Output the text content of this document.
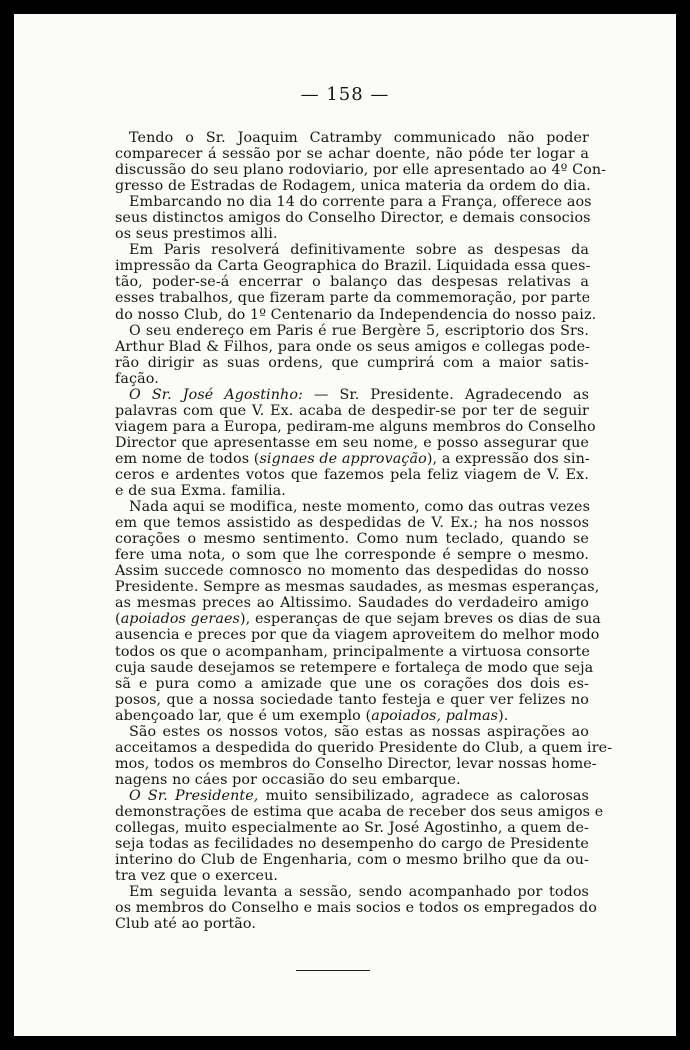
— 158 —
Tendo o Sr. Joaquim Catramby communicado não poder
comparecer á sessão por se achar doente, não póde ter logar a
discussão do seu plano rodoviario, por elle apresentado ao 4º Con-
gresso de Estradas de Rodagem, unica materia da ordem do dia.
Embarcando no dia 14 do corrente para a França, offerece aos
seus distinctos amigos do Conselho Director, e demais consocios
os seus prestimos alli.
Em Paris resolverá definitivamente sobre as despesas da
impressão da Carta Geographica do Brazil. Liquidada essa ques-
tão, poder-se-á encerrar o balanço das despesas relativas a
esses trabalhos, que fizeram parte da commemoração, por parte
do nosso Club, do 1º Centenario da Independencia do nosso paiz.
O seu endereço em Paris é rue Bergère 5, escriptorio dos Srs.
Arthur Blad & Filhos, para onde os seus amigos e collegas pode-
rão dirigir as suas ordens, que cumprirá com a maior satis-
fação.
O Sr. José Agostinho: — Sr. Presidente. Agradecendo as
palavras com que V. Ex. acaba de despedir-se por ter de seguir
viagem para a Europa, pediram-me alguns membros do Conselho
Director que apresentasse em seu nome, e posso assegurar que
em nome de todos (signaes de approvação), a expressão dos sin-
ceros e ardentes votos que fazemos pela feliz viagem de V. Ex.
e de sua Exma. familia.
Nada aqui se modifica, neste momento, como das outras vezes
em que temos assistido as despedidas de V. Ex.; ha nos nossos
corações o mesmo sentimento. Como num teclado, quando se
fere uma nota, o som que lhe corresponde é sempre o mesmo.
Assim succede comnosco no momento das despedidas do nosso
Presidente. Sempre as mesmas saudades, as mesmas esperanças,
as mesmas preces ao Altissimo. Saudades do verdadeiro amigo
(apoiados geraes), esperanças de que sejam breves os dias de sua
ausencia e preces por que da viagem aproveitem do melhor modo
todos os que o acompanham, principalmente a virtuosa consorte
cuja saude desejamos se retempere e fortaleça de modo que seja
sã e pura como a amizade que une os corações dos dois es-
posos, que a nossa sociedade tanto festeja e quer ver felizes no
abençoado lar, que é um exemplo (apoiados, palmas).
São estes os nossos votos, são estas as nossas aspirações ao
acceitamos a despedida do querido Presidente do Club, a quem ire-
mos, todos os membros do Conselho Director, levar nossas home-
nagens no cáes por occasião do seu embarque.
O Sr. Presidente, muito sensibilizado, agradece as calorosas
demonstrações de estima que acaba de receber dos seus amigos e
collegas, muito especialmente ao Sr. José Agostinho, a quem de-
seja todas as fecilidades no desempenho do cargo de Presidente
interino do Club de Engenharia, com o mesmo brilho que da ou-
tra vez que o exerceu.
Em seguida levanta a sessão, sendo acompanhado por todos
os membros do Conselho e mais socios e todos os empregados do
Club até ao portão.
